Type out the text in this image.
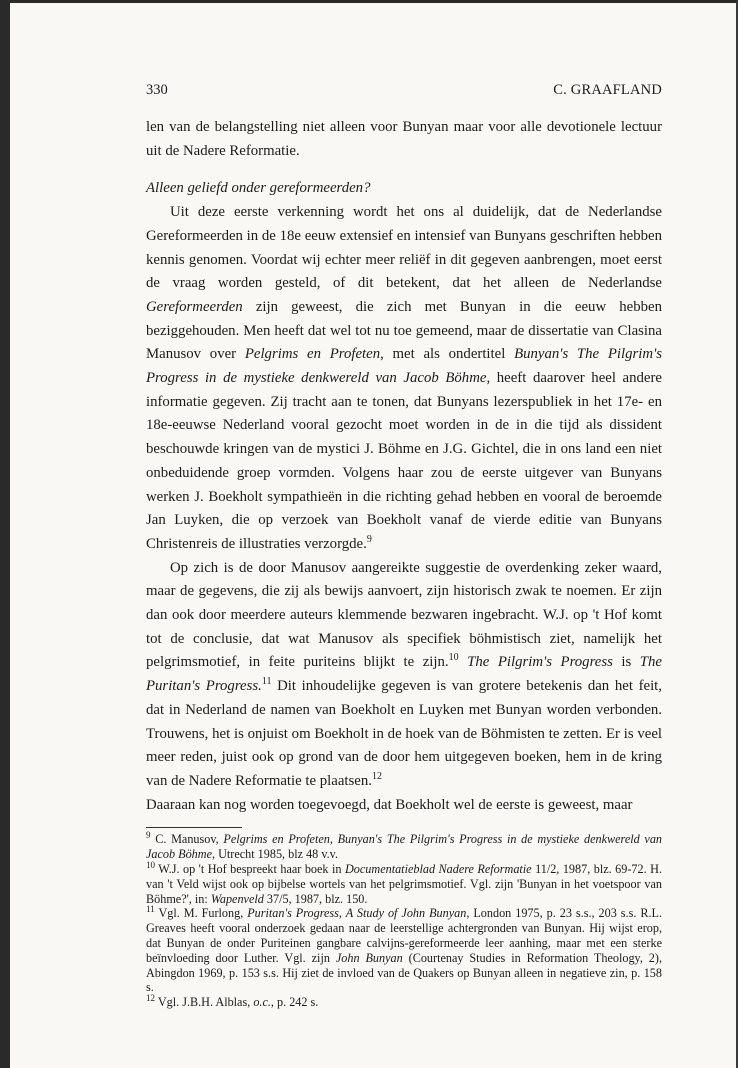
330	C. GRAAFLAND

len van de belangstelling niet alleen voor Bunyan maar voor alle devotionele lectuur uit de Nadere Reformatie.

Alleen geliefd onder gereformeerden?

Uit deze eerste verkenning wordt het ons al duidelijk, dat de Nederlandse Gereformeerden in de 18e eeuw extensief en intensief van Bunyans geschriften hebben kennis genomen. Voordat wij echter meer reliëf in dit gegeven aanbrengen, moet eerst de vraag worden gesteld, of dit betekent, dat het alleen de Nederlandse Gereformeerden zijn geweest, die zich met Bunyan in die eeuw hebben beziggehouden. Men heeft dat wel tot nu toe gemeend, maar de dissertatie van Clasina Manusov over Pelgrims en Profeten, met als ondertitel Bunyan's The Pilgrim's Progress in de mystieke denkwereld van Jacob Böhme, heeft daarover heel andere informatie gegeven. Zij tracht aan te tonen, dat Bunyans lezerspubliek in het 17e- en 18e-eeuwse Nederland vooral gezocht moet worden in de in die tijd als dissident beschouwde kringen van de mystici J. Böhme en J.G. Gichtel, die in ons land een niet onbeduidende groep vormden. Volgens haar zou de eerste uitgever van Bunyans werken J. Boekholt sympathieën in die richting gehad hebben en vooral de beroemde Jan Luyken, die op verzoek van Boekholt vanaf de vierde editie van Bunyans Christenreis de illustraties verzorgde.$^9$

Op zich is de door Manusov aangereikte suggestie de overdenking zeker waard, maar de gegevens, die zij als bewijs aanvoert, zijn historisch zwak te noemen. Er zijn dan ook door meerdere auteurs klemmende bezwaren ingebracht. W.J. op 't Hof komt tot de conclusie, dat wat Manusov als specifiek böhmistisch ziet, namelijk het pelgrimsmotief, in feite puriteins blijkt te zijn.$^{10}$ The Pilgrim's Progress is The Puritan's Progress.$^{11}$ Dit inhoudelijke gegeven is van grotere betekenis dan het feit, dat in Nederland de namen van Boekholt en Luyken met Bunyan worden verbonden. Trouwens, het is onjuist om Boekholt in de hoek van de Böhmisten te zetten. Er is veel meer reden, juist ook op grond van de door hem uitgegeven boeken, hem in de kring van de Nadere Reformatie te plaatsen.$^{12}$
Daaraan kan nog worden toegevoegd, dat Boekholt wel de eerste is geweest, maar

$^9$ C. Manusov, Pelgrims en Profeten, Bunyan's The Pilgrim's Progress in de mystieke denkwereld van Jacob Böhme, Utrecht 1985, blz 48 v.v.

$^{10}$ W.J. op 't Hof bespreekt haar boek in Documentatieblad Nadere Reformatie 11/2, 1987, blz. 69-72. H. van 't Veld wijst ook op bijbelse wortels van het pelgrimsmotief. Vgl. zijn 'Bunyan in het voetspoor van Böhme?', in: Wapenveld 37/5, 1987, blz. 150.

$^{11}$ Vgl. M. Furlong, Puritan's Progress, A Study of John Bunyan, London 1975, p. 23 s.s., 203 s.s. R.L. Greaves heeft vooral onderzoek gedaan naar de leerstellige achtergronden van Bunyan. Hij wijst erop, dat Bunyan de onder Puriteinen gangbare calvijns-gereformeerde leer aanhing, maar met een sterke beïnvloeding door Luther. Vgl. zijn John Bunyan (Courtenay Studies in Reformation Theology, 2), Abingdon 1969, p. 153 s.s. Hij ziet de invloed van de Quakers op Bunyan alleen in negatieve zin, p. 158 s.

$^{12}$ Vgl. J.B.H. Alblas, o.c., p. 242 s.
